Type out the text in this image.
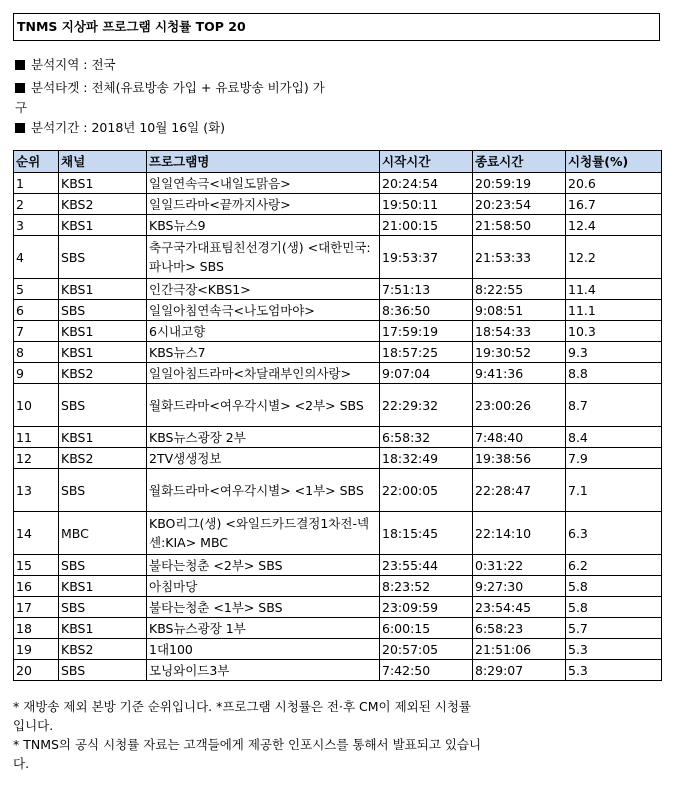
TNMS 지상파 프로그램 시청률 TOP 20
분석지역 : 전국
분석타겟 : 전체(유료방송 가입 + 유료방송 비가입) 가
구
분석기간 : 2018년 10월 16일 (화)
순위	채널	프로그램명	시작시간	종료시간	시청률(%)
1	KBS1	일일연속극<내일도맑음>	20:24:54	20:59:19	20.6
2	KBS2	일일드라마<끝까지사랑>	19:50:11	20:23:54	16.7
3	KBS1	KBS뉴스9	21:00:15	21:58:50	12.4
4	SBS	축구국가대표팀친선경기(생) <대한민국:파나마> SBS	19:53:37	21:53:33	12.2
5	KBS1	인간극장<KBS1>	7:51:13	8:22:55	11.4
6	SBS	일일아침연속극<나도엄마야>	8:36:50	9:08:51	11.1
7	KBS1	6시내고향	17:59:19	18:54:33	10.3
8	KBS1	KBS뉴스7	18:57:25	19:30:52	9.3
9	KBS2	일일아침드라마<차달래부인의사랑>	9:07:04	9:41:36	8.8
10	SBS	월화드라마<여우각시별> <2부> SBS	22:29:32	23:00:26	8.7
11	KBS1	KBS뉴스광장 2부	6:58:32	7:48:40	8.4
12	KBS2	2TV생생정보	18:32:49	19:38:56	7.9
13	SBS	월화드라마<여우각시별> <1부> SBS	22:00:05	22:28:47	7.1
14	MBC	KBO리그(생) <와일드카드결정1차전-넥센:KIA> MBC	18:15:45	22:14:10	6.3
15	SBS	불타는청춘 <2부> SBS	23:55:44	0:31:22	6.2
16	KBS1	아침마당	8:23:52	9:27:30	5.8
17	SBS	불타는청춘 <1부> SBS	23:09:59	23:54:45	5.8
18	KBS1	KBS뉴스광장 1부	6:00:15	6:58:23	5.7
19	KBS2	1대100	20:57:05	21:51:06	5.3
20	SBS	모닝와이드3부	7:42:50	8:29:07	5.3
* 재방송 제외 본방 기준 순위입니다. *프로그램 시청률은 전·후 CM이 제외된 시청률입니다.
* TNMS의 공식 시청률 자료는 고객들에게 제공한 인포시스를 통해서 발표되고 있습니다.
